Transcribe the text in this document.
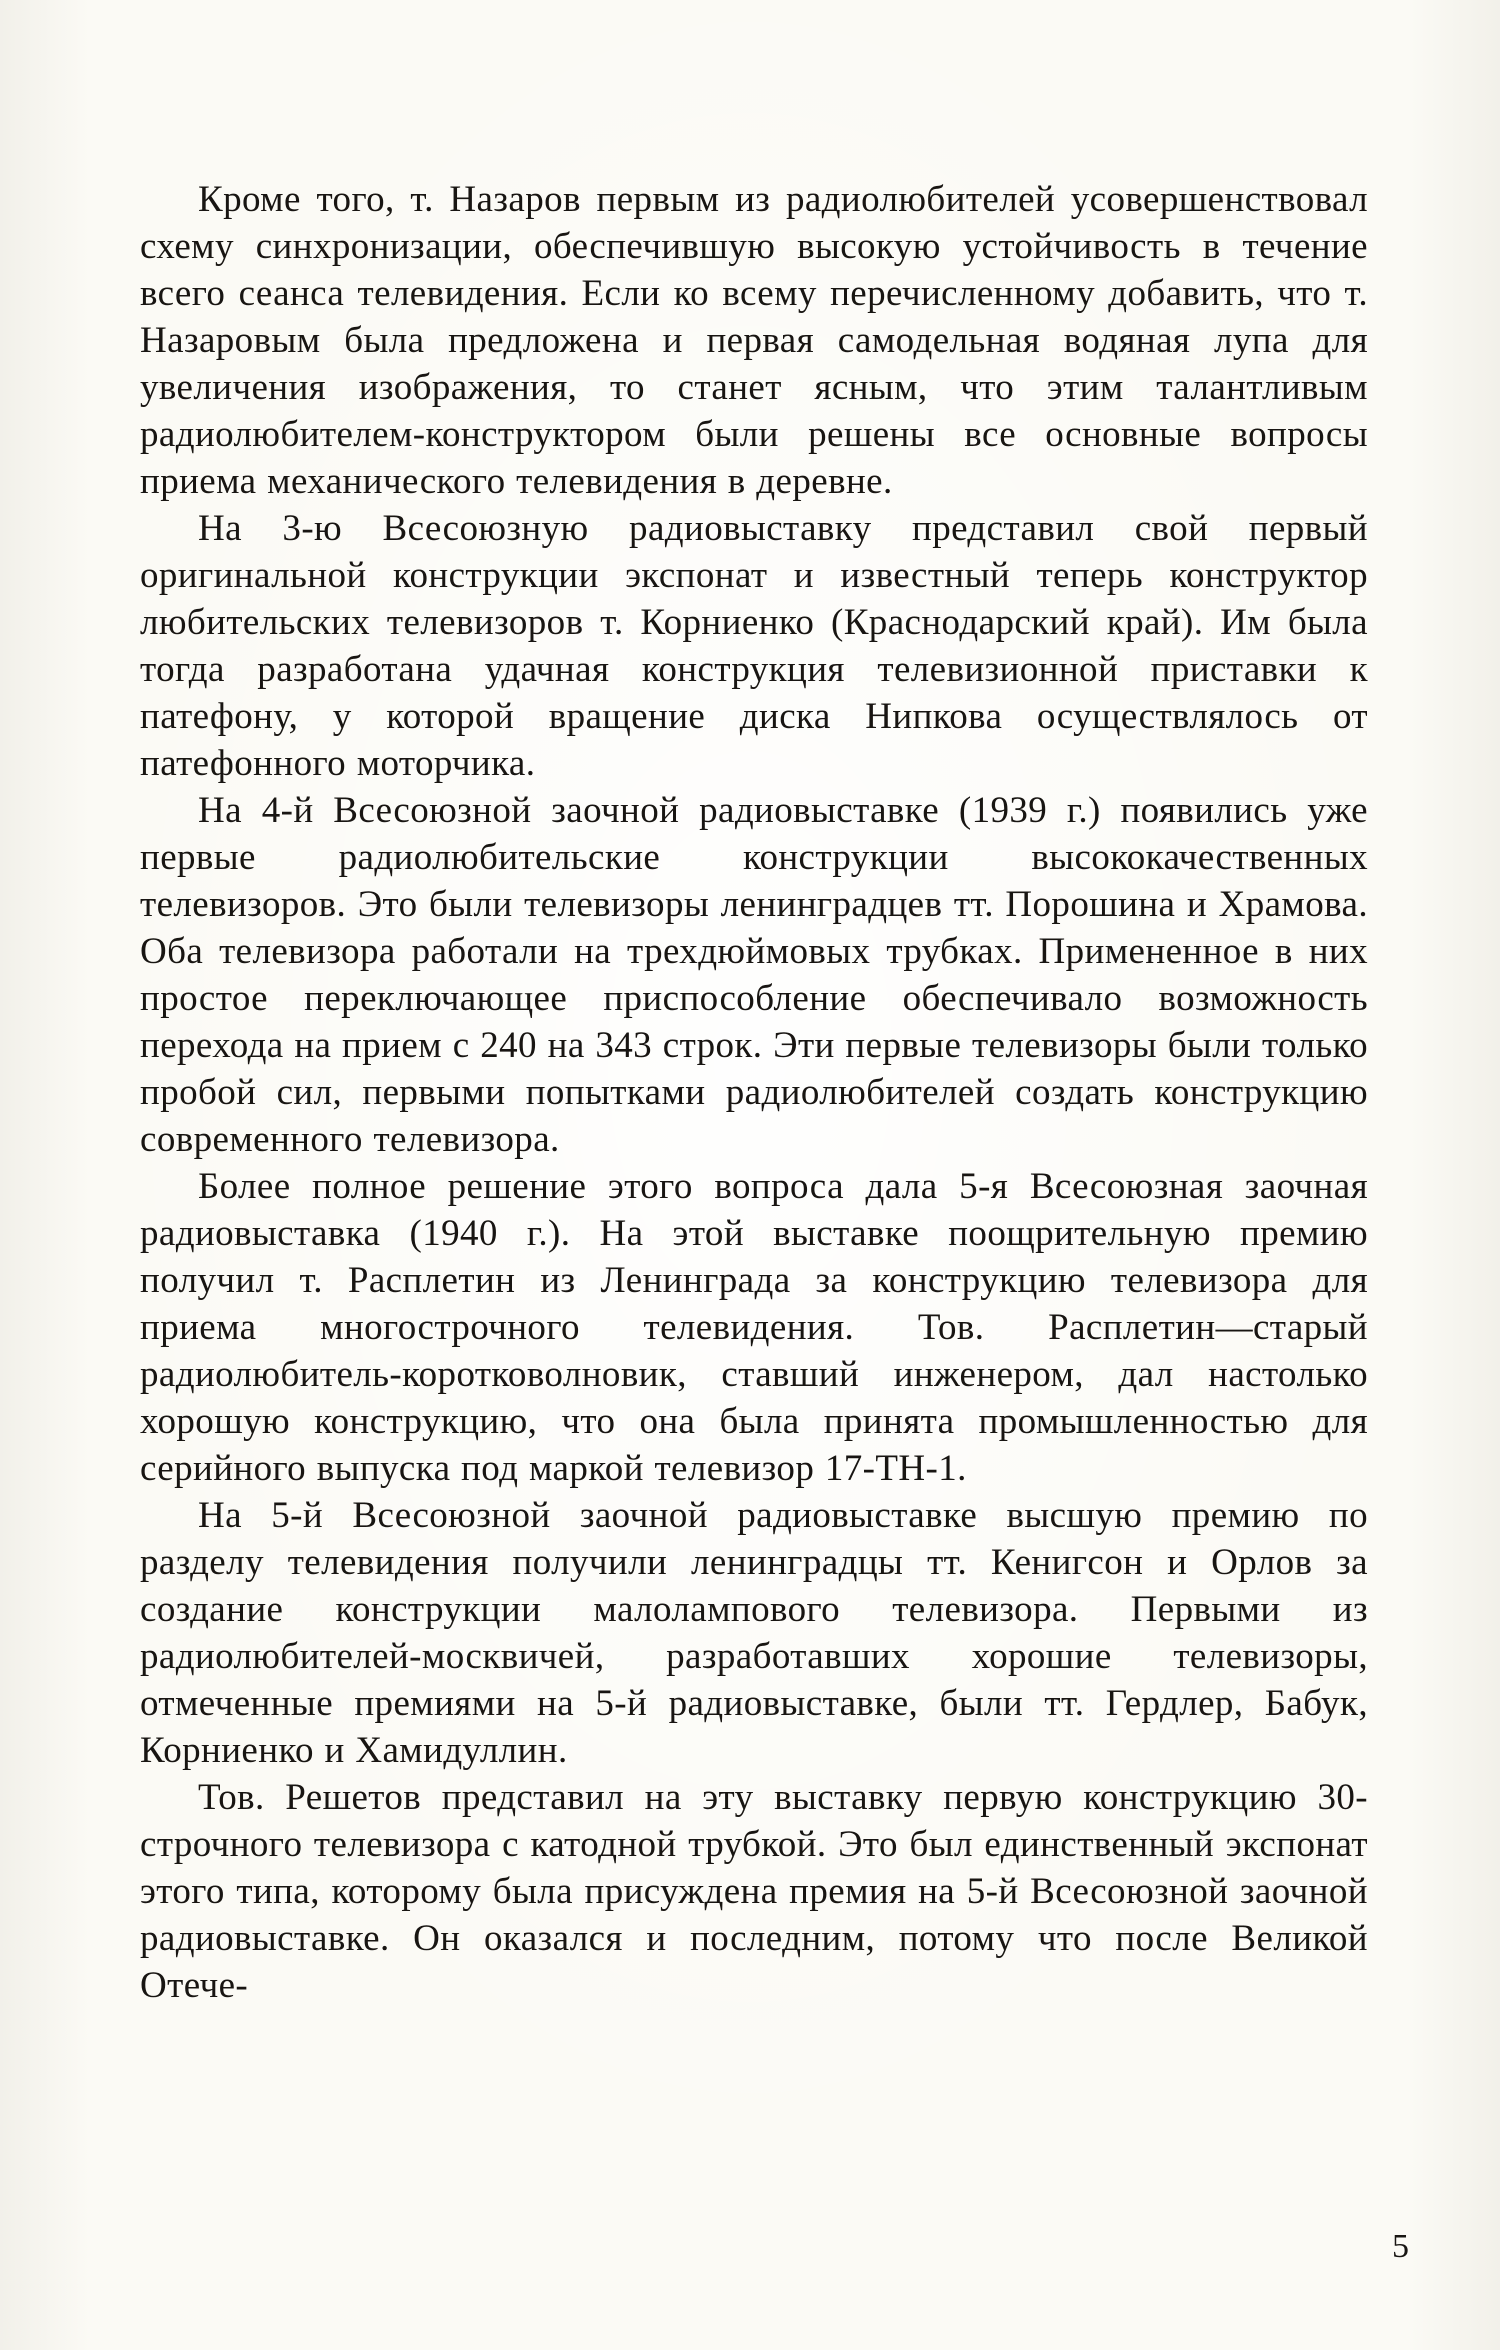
Кроме того, т. Назаров первым из радиолюбителей усовершенствовал схему синхронизации, обеспечившую высокую устойчивость в течение всего сеанса телевидения. Если ко всему перечисленному добавить, что т. Назаровым была предложена и первая самодельная водяная лупа для увеличения изображения, то станет ясным, что этим талантливым радиолюбителем-конструктором были решены все основные вопросы приема механического телевидения в деревне.

На 3-ю Всесоюзную радиовыставку представил свой первый оригинальной конструкции экспонат и известный теперь конструктор любительских телевизоров т. Корниенко (Краснодарский край). Им была тогда разработана удачная конструкция телевизионной приставки к патефону, у которой вращение диска Нипкова осуществлялось от патефонного моторчика.

На 4-й Всесоюзной заочной радиовыставке (1939 г.) появились уже первые радиолюбительские конструкции высококачественных телевизоров. Это были телевизоры ленинградцев тт. Порошина и Храмова. Оба телевизора работали на трехдюймовых трубках. Примененное в них простое переключающее приспособление обеспечивало возможность перехода на прием с 240 на 343 строк. Эти первые телевизоры были только пробой сил, первыми попытками радиолюбителей создать конструкцию современного телевизора.

Более полное решение этого вопроса дала 5-я Всесоюзная заочная радиовыставка (1940 г.). На этой выставке поощрительную премию получил т. Расплетин из Ленинграда за конструкцию телевизора для приема многострочного телевидения. Тов. Расплетин—старый радиолюбитель-коротковолновик, ставший инженером, дал настолько хорошую конструкцию, что она была принята промышленностью для серийного выпуска под маркой телевизор 17-ТН-1.

На 5-й Всесоюзной заочной радиовыставке высшую премию по разделу телевидения получили ленинградцы тт. Кенигсон и Орлов за создание конструкции малолампового телевизора. Первыми из радиолюбителей-москвичей, разработавших хорошие телевизоры, отмеченные премиями на 5-й радиовыставке, были тт. Гердлер, Бабук, Корниенко и Хамидуллин.

Тов. Решетов представил на эту выставку первую конструкцию 30-строчного телевизора с катодной трубкой. Это был единственный экспонат этого типа, которому была присуждена премия на 5-й Всесоюзной заочной радиовыставке. Он оказался и последним, потому что после Великой Отече-

5
